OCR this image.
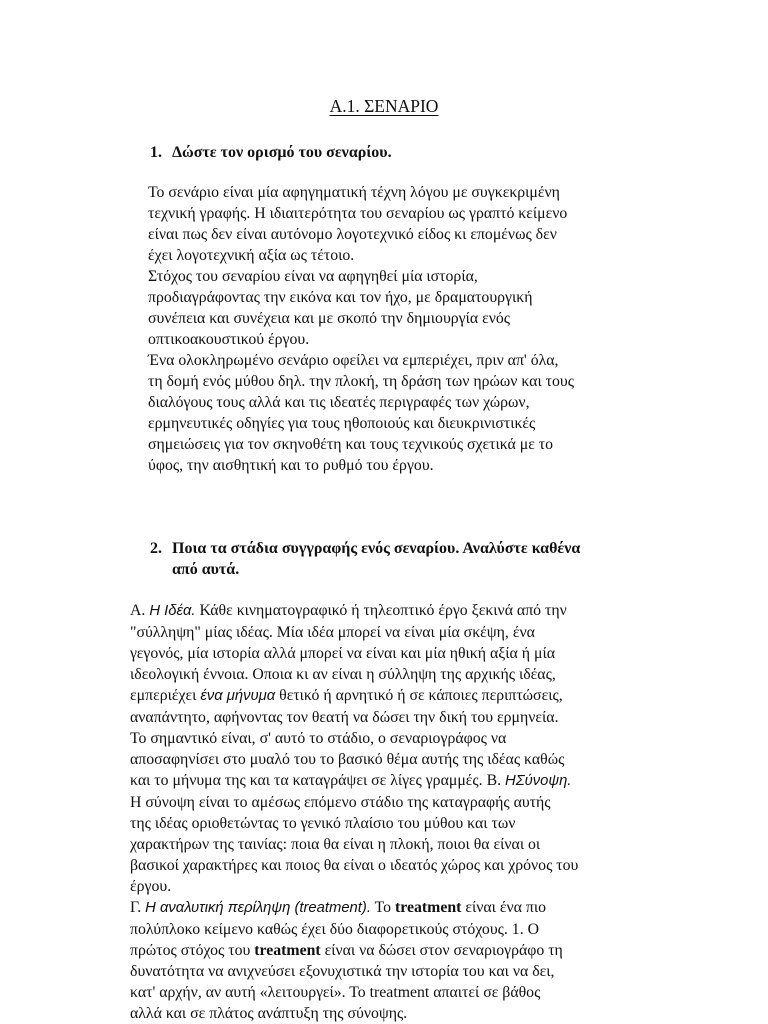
Α.1. ΣΕΝΑΡΙΟ
1. Δώστε τον ορισμό του σεναρίου.
Το σενάριο είναι μία αφηγηματική τέχνη λόγου με συγκεκριμένη
τεχνική γραφής. Η ιδιαιτερότητα του σεναρίου ως γραπτό κείμενο
είναι πως δεν είναι αυτόνομο λογοτεχνικό είδος κι επομένως δεν
έχει λογοτεχνική αξία ως τέτοιο.
Στόχος του σεναρίου είναι να αφηγηθεί μία ιστορία,
προδιαγράφοντας την εικόνα και τον ήχο, με δραματουργική
συνέπεια και συνέχεια και με σκοπό την δημιουργία ενός
οπτικοακουστικού έργου.
Ένα ολοκληρωμένο σενάριο οφείλει να εμπεριέχει, πριν απ' όλα,
τη δομή ενός μύθου δηλ. την πλοκή, τη δράση των ηρώων και τους
διαλόγους τους αλλά και τις ιδεατές περιγραφές των χώρων,
ερμηνευτικές οδηγίες για τους ηθοποιούς και διευκρινιστικές
σημειώσεις για τον σκηνοθέτη και τους τεχνικούς σχετικά με το
ύφος, την αισθητική και το ρυθμό του έργου.
2. Ποια τα στάδια συγγραφής ενός σεναρίου. Αναλύστε καθένα
από αυτά.
Α. Η Ιδέα. Κάθε κινηματογραφικό ή τηλεοπτικό έργο ξεκινά από την
"σύλληψη" μίας ιδέας. Μία ιδέα μπορεί να είναι μία σκέψη, ένα
γεγονός, μία ιστορία αλλά μπορεί να είναι και μία ηθική αξία ή μία
ιδεολογική έννοια. Οποια κι αν είναι η σύλληψη της αρχικής ιδέας,
εμπεριέχει ένα μήνυμα θετικό ή αρνητικό ή σε κάποιες περιπτώσεις,
αναπάντητο, αφήνοντας τον θεατή να δώσει την δική του ερμηνεία.
Το σημαντικό είναι, σ' αυτό το στάδιο, ο σεναριογράφος να
αποσαφηνίσει στο μυαλό του το βασικό θέμα αυτής της ιδέας καθώς
και το μήνυμα της και τα καταγράψει σε λίγες γραμμές. Β. ΗΣύνοψη.
Η σύνοψη είναι το αμέσως επόμενο στάδιο της καταγραφής αυτής
της ιδέας οριοθετώντας το γενικό πλαίσιο του μύθου και των
χαρακτήρων της ταινίας: ποια θα είναι η πλοκή, ποιοι θα είναι οι
βασικοί χαρακτήρες και ποιος θα είναι ο ιδεατός χώρος και χρόνος του
έργου.
Γ. Η αναλυτική περίληψη (treatment). Το treatment είναι ένα πιο
πολύπλοκο κείμενο καθώς έχει δύο διαφορετικούς στόχους. 1. Ο
πρώτος στόχος του treatment είναι να δώσει στον σεναριογράφο τη
δυνατότητα να ανιχνεύσει εξονυχιστικά την ιστορία του και να δει,
κατ' αρχήν, αν αυτή «λειτουργεί». Το treatment απαιτεί σε βάθος
αλλά και σε πλάτος ανάπτυξη της σύνοψης.
